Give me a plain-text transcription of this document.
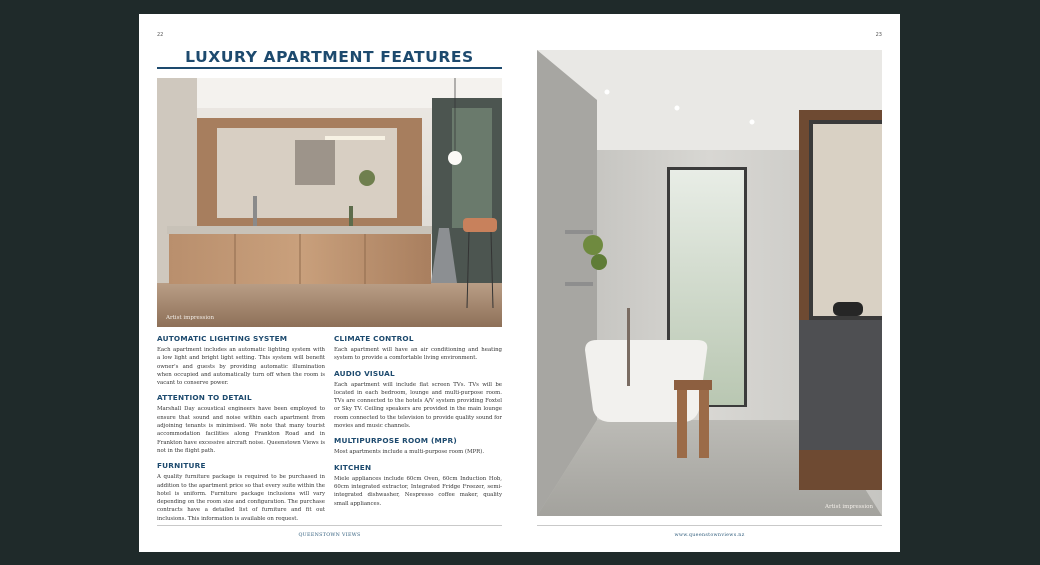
22	23
LUXURY APARTMENT FEATURES
Artist impression
Artist impression
AUTOMATIC LIGHTING SYSTEM

Each apartment includes an automatic lighting system with a low light and bright light setting. This system will benefit owner's and guests by providing automatic illumination when occupied and automatically turn off when the room is vacant to conserve power.

ATTENTION TO DETAIL

Marshall Day acoustical engineers have been employed to ensure that sound and noise within each apartment from adjoining tenants is minimised. We note that many tourist accommodation facilities along Frankton Road and in Frankton have excessive aircraft noise. Queenstown Views is not in the flight path.

FURNITURE

A quality furniture package is required to be purchased in addition to the apartment price so that every suite within the hotel is uniform. Furniture package inclusions will vary depending on the room size and configuration. The purchase contracts have a detailed list of furniture and fit out inclusions. This information is available on request.

CLIMATE CONTROL

Each apartment will have an air conditioning and heating system to provide a comfortable living environment.

AUDIO VISUAL

Each apartment will include flat screen TVs. TVs will be located in each bedroom, lounge and multi-purpose room. TVs are connected to the hotels A/V system providing Foxtel or Sky TV. Ceiling speakers are provided in the main lounge room connected to the television to provide quality sound for movies and music channels.

MULTIPURPOSE ROOM (MPR)

Most apartments include a multi-purpose room (MPR).

KITCHEN

Miele appliances include 60cm Oven, 60cm Induction Hob, 60cm integrated extractor, Integrated Fridge Freezer, semi-integrated dishwasher, Nespresso coffee maker, quality small appliances.

QUEENSTOWN VIEWS	www.queenstownviews.nz
